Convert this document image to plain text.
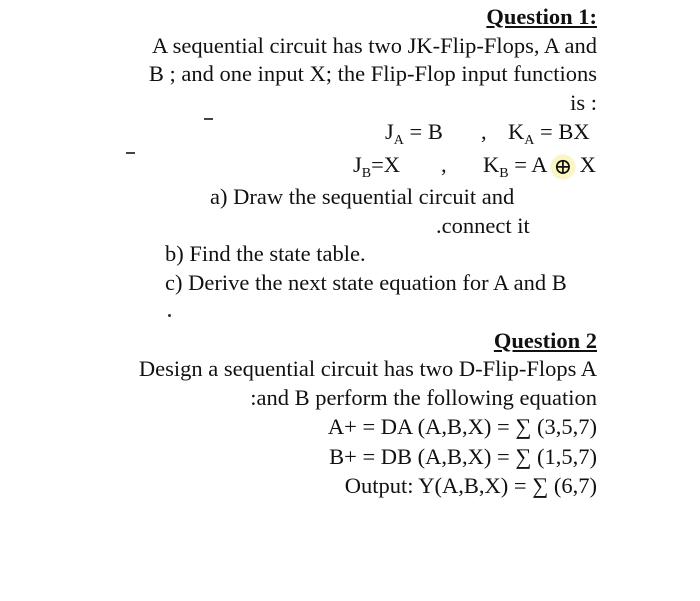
Question 1:
A sequential circuit has two JK-Flip-Flops, A and
B ; and one input X; the Flip-Flop input functions
is :
$J_A = B$ , $K_A$ = BX
$J_B=X$ , $K_B = A$ ⊕ X
a) Draw the sequential circuit and
.connect it
b) Find the state table.
c) Derive the next state equation for A and B
Question 2
Design a sequential circuit has two D-Flip-Flops A
:and B perform the following equation
A+ = DA (A,B,X) = ∑ (3,5,7)
B+ = DB (A,B,X) = ∑ (1,5,7)
Output: Y(A,B,X) = ∑ (6,7)
